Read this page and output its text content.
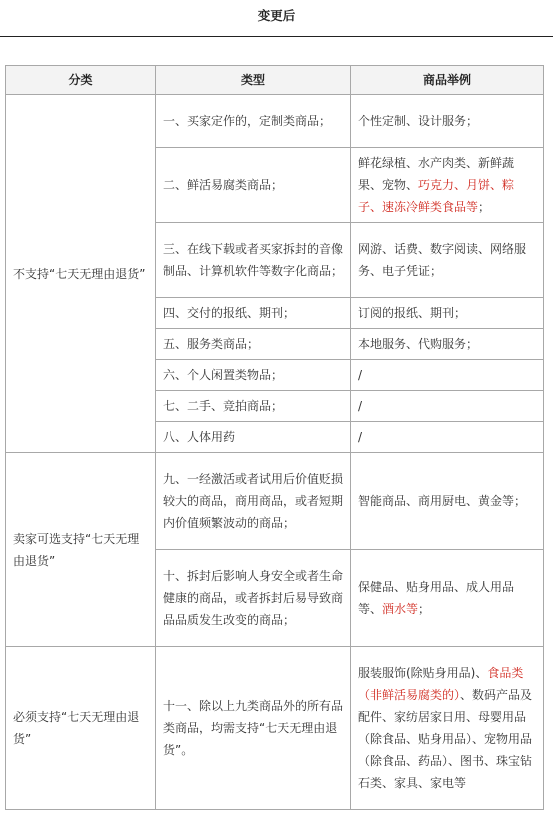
变更后
分类	类型	商品举例
不支持“七天无理由退货”	一、买家定作的，定制类商品；	个性定制、设计服务；
	二、鲜活易腐类商品；	鲜花绿植、水产肉类、新鲜蔬果、宠物、巧克力、月饼、粽子、速冻冷鲜类食品等；
	三、在线下载或者买家拆封的音像制品、计算机软件等数字化商品；	网游、话费、数字阅读、网络服务、电子凭证；
	四、交付的报纸、期刊；	订阅的报纸、期刊；
	五、服务类商品；	本地服务、代购服务；
	六、个人闲置类物品；	/
	七、二手、竞拍商品；	/
	八、人体用药	/
卖家可选支持“七天无理由退货”	九、一经激活或者试用后价值贬损较大的商品，商用商品，或者短期内价值频繁波动的商品；	智能商品、商用厨电、黄金等；
	十、拆封后影响人身安全或者生命健康的商品，或者拆封后易导致商品品质发生改变的商品；	保健品、贴身用品、成人用品等、酒水等；
必须支持“七天无理由退货”	十一、除以上九类商品外的所有品类商品，均需支持“七天无理由退货”。	服装服饰(除贴身用品)、食品类（非鲜活易腐类的）、数码产品及配件、家纺居家日用、母婴用品（除食品、贴身用品）、宠物用品（除食品、药品）、图书、珠宝钻石类、家具、家电等
